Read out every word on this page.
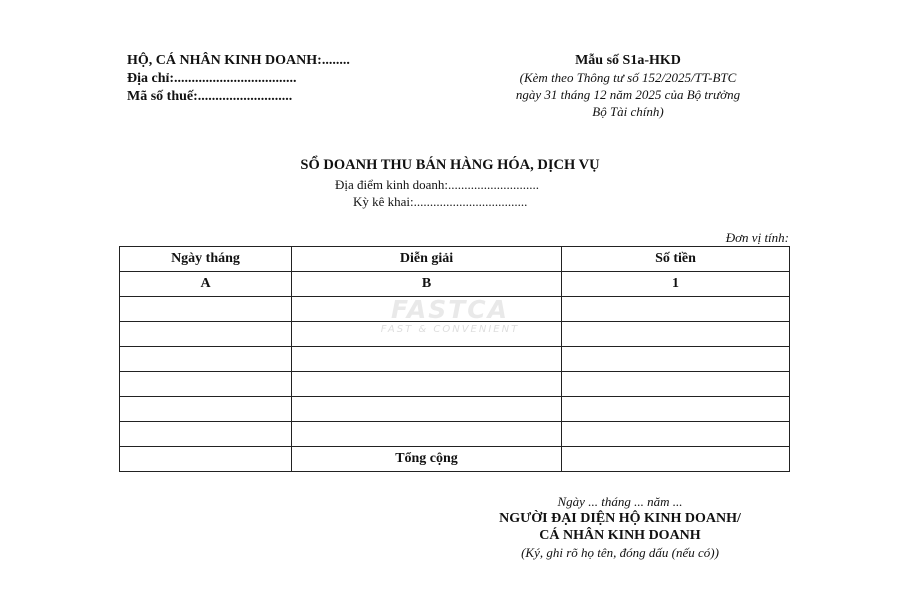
HỘ, CÁ NHÂN KINH DOANH:........
Địa chỉ:...................................
Mã số thuế:...........................
Mẫu số S1a-HKD
(Kèm theo Thông tư số 152/2025/TT-BTC
ngày 31 tháng 12 năm 2025 của Bộ trưởng
Bộ Tài chính)
SỔ DOANH THU BÁN HÀNG HÓA, DỊCH VỤ
Địa điểm kinh doanh:............................
Kỳ kê khai:...................................
Đơn vị tính:
Ngày tháng	Diễn giải	Số tiền
A	B	1

	Tổng cộng	
FASTCA
FAST & CONVENIENT
Ngày ... tháng ... năm ...
NGƯỜI ĐẠI DIỆN HỘ KINH DOANH/
CÁ NHÂN KINH DOANH
(Ký, ghi rõ họ tên, đóng dấu (nếu có))
